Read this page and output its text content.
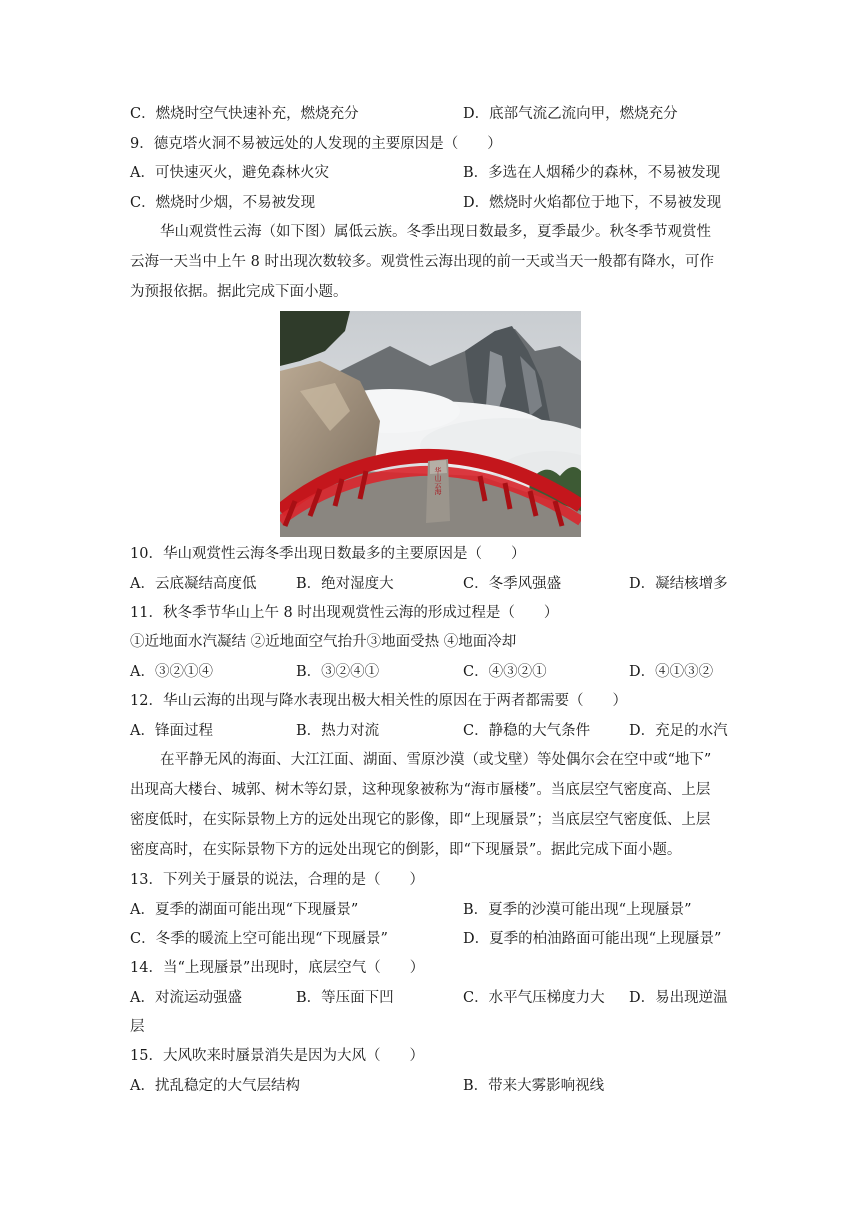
C．燃烧时空气快速补充，燃烧充分	D．底部气流乙流向甲，燃烧充分
9．德克塔火洞不易被远处的人发现的主要原因是（　　）
A．可快速灭火，避免森林火灾	B．多选在人烟稀少的森林，不易被发现
C．燃烧时少烟，不易被发现	D．燃烧时火焰都位于地下，不易被发现
华山观赏性云海（如下图）属低云族。冬季出现日数最多，夏季最少。秋冬季节观赏性
云海一天当中上午 8 时出现次数较多。观赏性云海出现的前一天或当天一般都有降水，可作
为预报依据。据此完成下面小题。
华山云海
10．华山观赏性云海冬季出现日数最多的主要原因是（　　）
A．云底凝结高度低	B．绝对湿度大	C．冬季风强盛	D．凝结核增多
11．秋冬季节华山上午 8 时出现观赏性云海的形成过程是（　　）
①近地面水汽凝结 ②近地面空气抬升③地面受热 ④地面冷却
A．③②①④	B．③②④①	C．④③②①	D．④①③②
12．华山云海的出现与降水表现出极大相关性的原因在于两者都需要（　　）
A．锋面过程	B．热力对流	C．静稳的大气条件	D．充足的水汽
在平静无风的海面、大江江面、湖面、雪原沙漠（或戈壁）等处偶尔会在空中或“地下”
出现高大楼台、城郭、树木等幻景，这种现象被称为“海市蜃楼”。当底层空气密度高、上层
密度低时，在实际景物上方的远处出现它的影像，即“上现蜃景”；当底层空气密度低、上层
密度高时，在实际景物下方的远处出现它的倒影，即“下现蜃景”。据此完成下面小题。
13．下列关于蜃景的说法，合理的是（　　）
A．夏季的湖面可能出现“下现蜃景”	B．夏季的沙漠可能出现“上现蜃景”
C．冬季的暖流上空可能出现“下现蜃景”	D．夏季的柏油路面可能出现“上现蜃景”
14．当“上现蜃景”出现时，底层空气（　　）
A．对流运动强盛	B．等压面下凹	C．水平气压梯度力大 D．易出现逆温
层
15．大风吹来时蜃景消失是因为大风（　　）
A．扰乱稳定的大气层结构	B．带来大雾影响视线
